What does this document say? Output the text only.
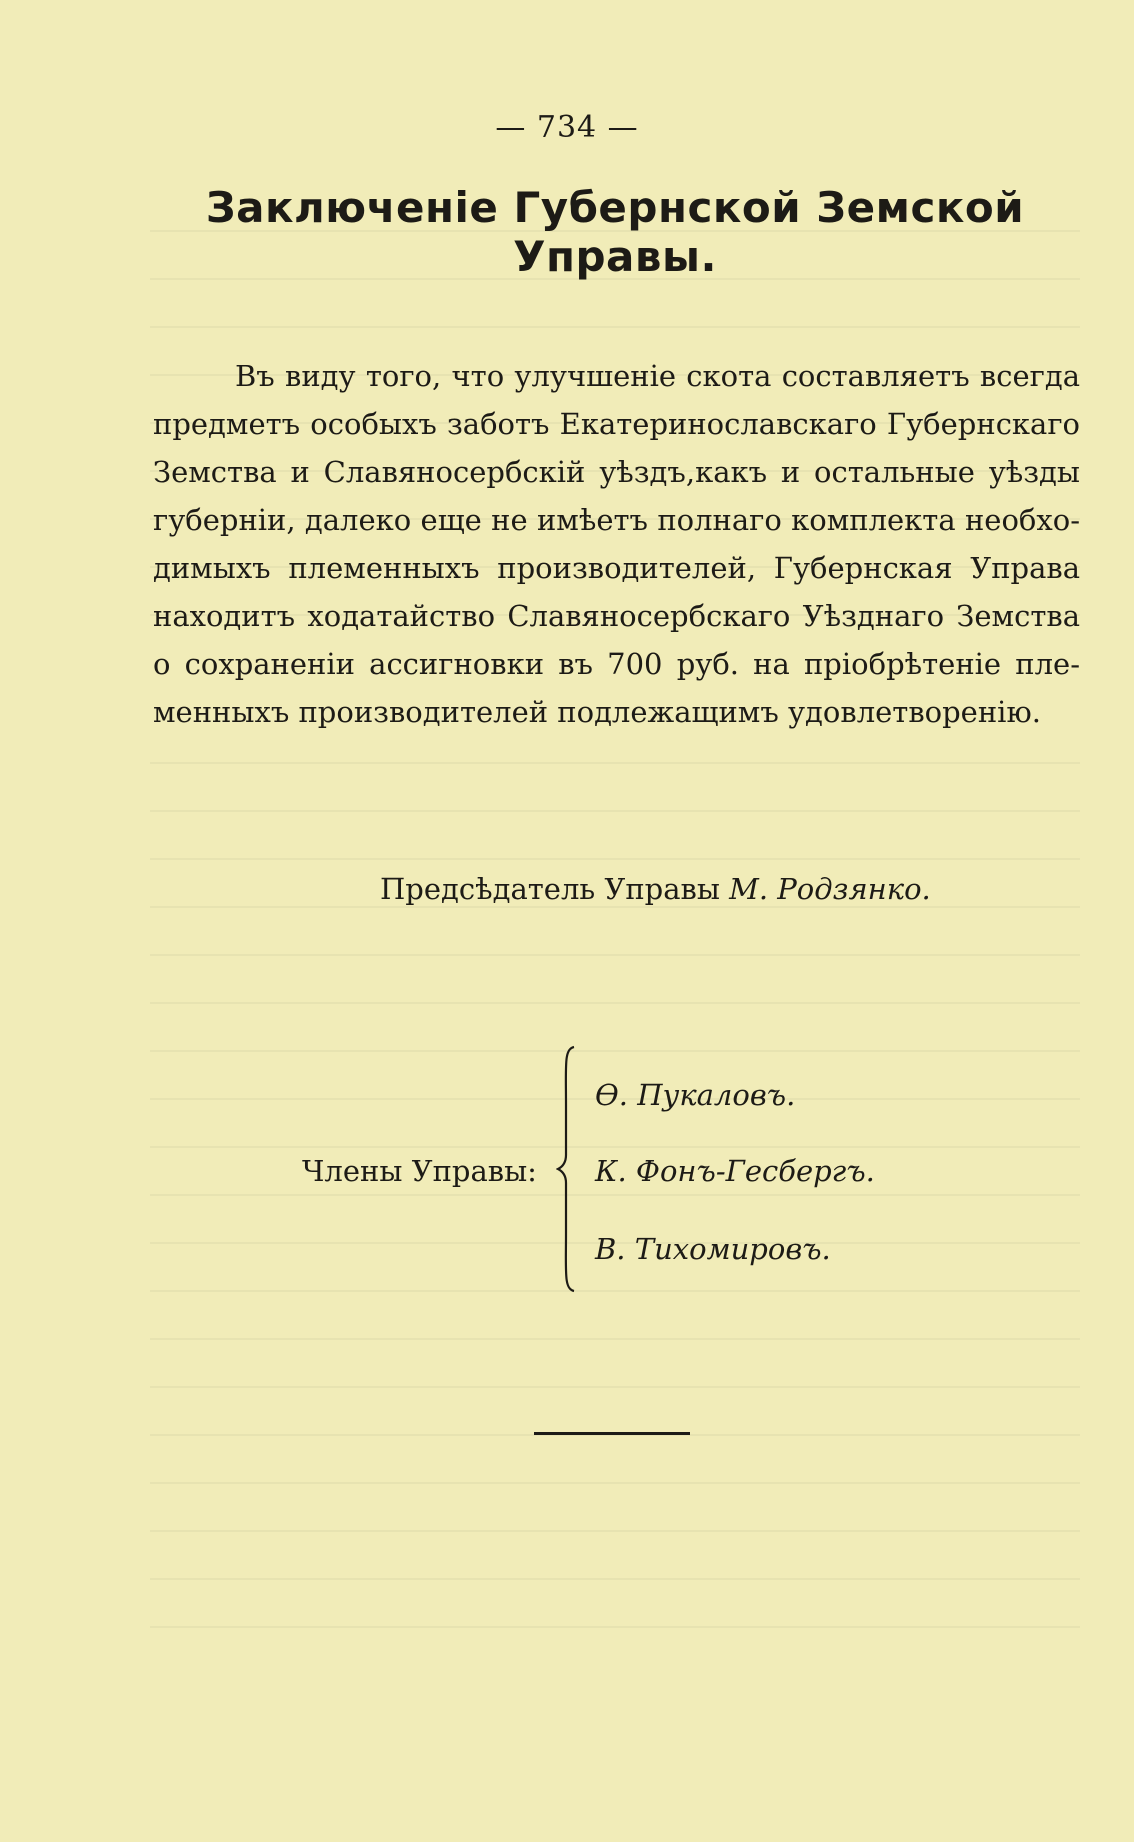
— 734 —
Заключенiе Губернской Земской Управы.

Въ виду того, что улучшенiе скота составляетъ всегда предметъ особыхъ заботъ Екатеринославскаго Губернскаго Земства и Славяносербскiй уѣздъ,какъ и остальные уѣзды губернiи, далеко еще не имѣетъ полнаго комплекта необходимыхъ племенныхъ производителей, Губернская Управа находитъ ходатайство Славяносербскаго Уѣзднаго Земства о сохраненiи ассигновки въ 700 руб. на прiобрѣтенiе племенныхъ производителей подлежащимъ удовлетворенiю.

Предсѣдатель Управы М. Родзянко.
Члены Управы:
Ѳ. Пукаловъ.
К. Фонъ-Гесбергъ.
В. Тихомировъ.
